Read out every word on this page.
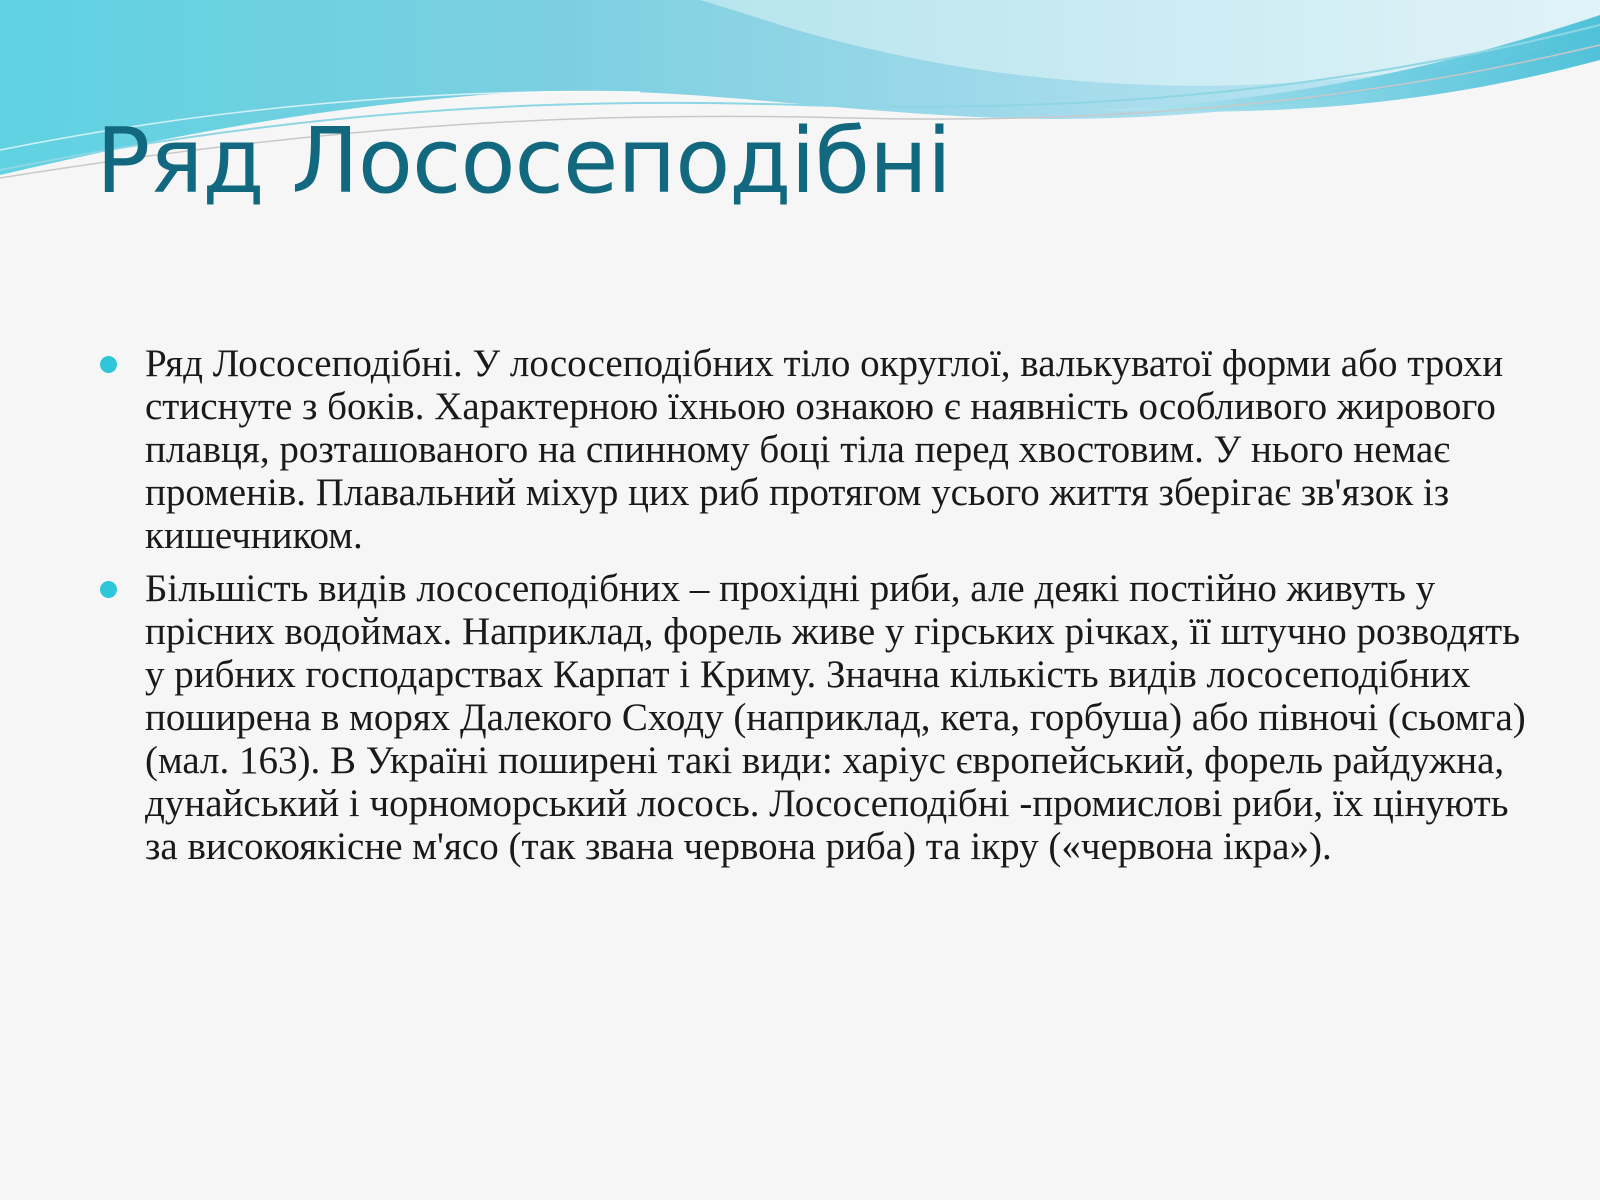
Ряд Лососеподібні

Ряд Лососеподібні. У лососеподібних тіло округлої, валькуватої форми або трохи стиснуте з боків. Характерною їхньою ознакою є наявність особливого жирового плавця, розташованого на спинному боці тіла перед хвостовим. У нього немає променів. Плавальний міхур цих риб протягом усього життя зберігає зв'язок із кишечником.

Більшість видів лососеподібних – прохідні риби, але деякі постійно живуть у прісних водоймах. Наприклад, форель живе у гірських річках, її штучно розводять у рибних господарствах Карпат і Криму. Значна кількість видів лососеподібних поширена в морях Далекого Сходу (наприклад, кета, горбуша) або півночі (сьомга) (мал. 163). В Україні поширені такі види: харіус європейський, форель райдужна, дунайський і чорноморський лосось. Лососеподібні -промислові риби, їх цінують за високоякісне м'ясо (так звана червона риба) та ікру («червона ікра»).
